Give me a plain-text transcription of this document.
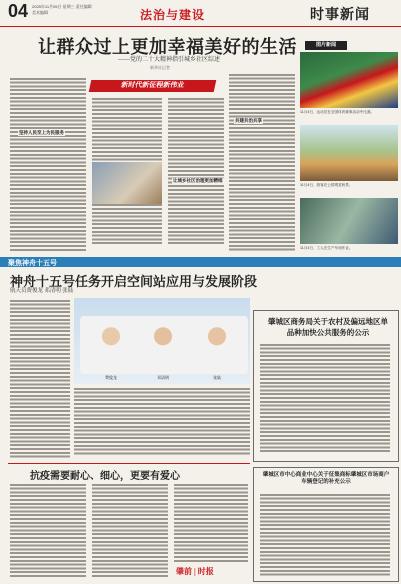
04 2025年11月05日 星期三 责任编辑 美术编辑	法治与建设	时事新闻
让群众过上更加幸福美好的生活
——党的二十大精神指引城乡社区综述
新华社记者
新时代新征程新伟业
坚持人民至上为民服务
让城乡社区治理更加精细
共建共治共享
图片新闻
11月4日，运动员在全国体育赛事活动中比赛。
11月4日，游客在公园观赏秋景。
11月4日，工人在生产车间作业。
聚焦神舟十五号
神舟十五号任务开启空间站应用与发展阶段
航天员费俊龙 邓清明 张陆
费俊龙	邓清明	张陆
肇城区商务局关于农村及偏远地区单品种加快公共服务的公示
抗疫需要耐心、细心，更要有爱心
肇前 | 时报
肇城区市中心商业中心关于征集商标肇城区市场商户车辆登记的补充公示
